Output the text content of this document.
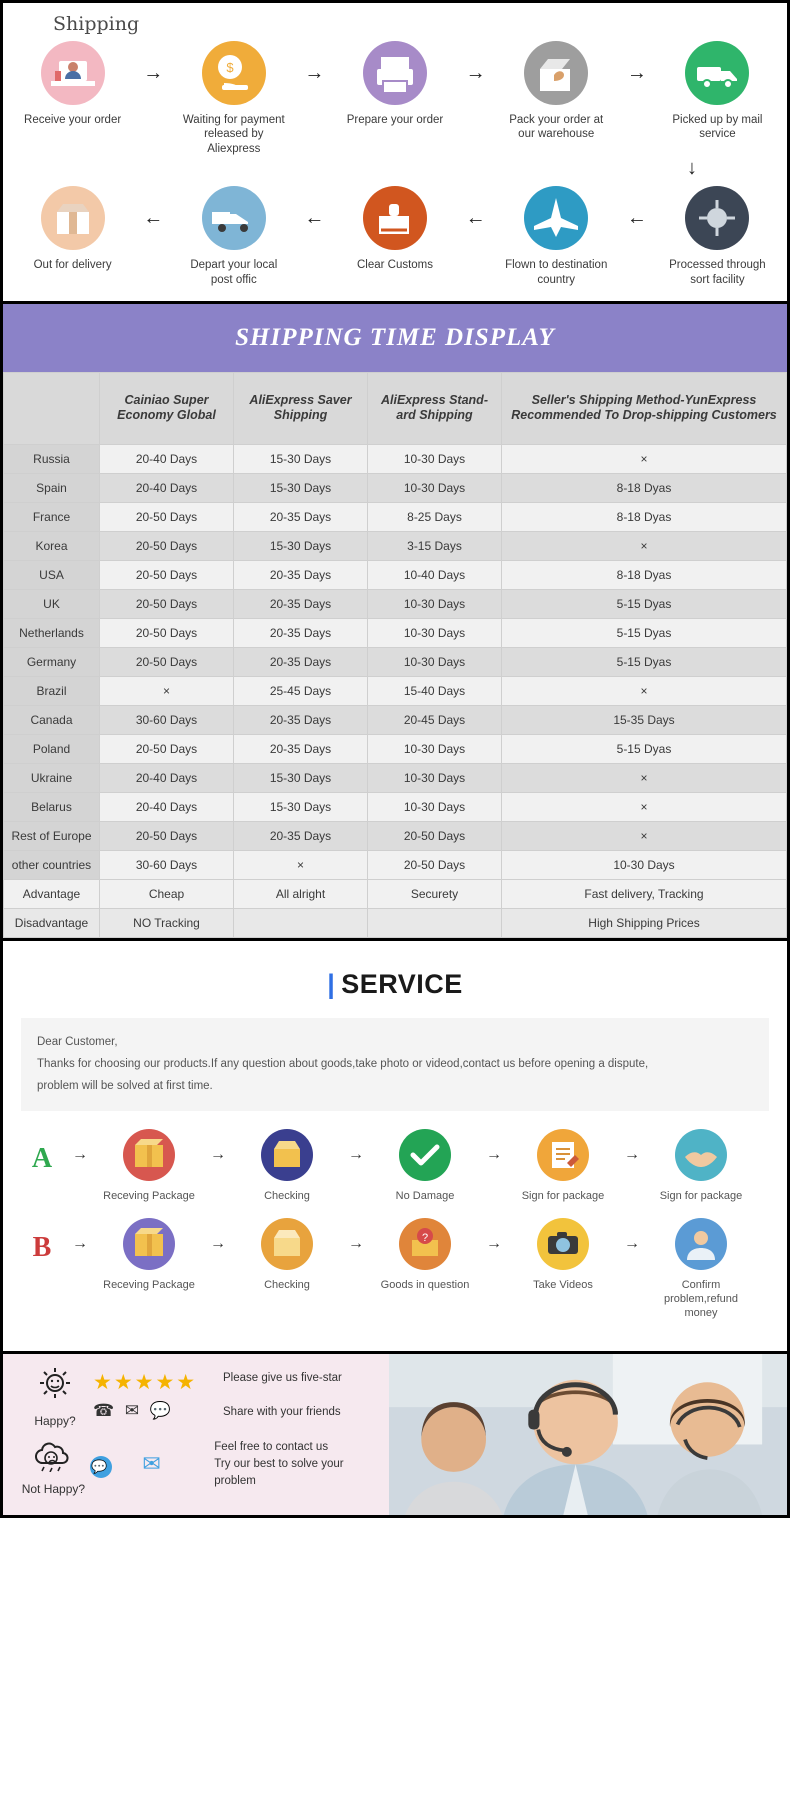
Shipping
Receive your order
→	$
Waiting for payment released by Aliexpress
→
Prepare your order
→
Pack your order at our warehouse
→
Picked up by mail service
↓
Out for delivery
←
Depart your local post offic
←
Clear Customs
←
Flown to destination country
←
Processed through sort facility
SHIPPING TIME DISPLAY
	Cainiao Super Economy Global	AliExpress Saver Shipping	AliExpress Stand-ard Shipping	Seller's Shipping Method-YunExpress Recommended To Drop-shipping Customers
Russia	20-40 Days	15-30 Days	10-30 Days	×
Spain	20-40 Days	15-30 Days	10-30 Days	8-18 Dyas
France	20-50 Days	20-35 Days	8-25 Days	8-18 Dyas
Korea	20-50 Days	15-30 Days	3-15 Days	×
USA	20-50 Days	20-35 Days	10-40 Days	8-18 Dyas
UK	20-50 Days	20-35 Days	10-30 Days	5-15 Dyas
Netherlands	20-50 Days	20-35 Days	10-30 Days	5-15 Dyas
Germany	20-50 Days	20-35 Days	10-30 Days	5-15 Dyas
Brazil	×	25-45 Days	15-40 Days	×
Canada	30-60 Days	20-35 Days	20-45 Days	15-35 Days
Poland	20-50 Days	20-35 Days	10-30 Days	5-15 Dyas
Ukraine	20-40 Days	15-30 Days	10-30 Days	×
Belarus	20-40 Days	15-30 Days	10-30 Days	×
Rest of Europe	20-50 Days	20-35 Days	20-50 Days	×
other countries	30-60 Days	×	20-50 Days	10-30 Days
Advantage	Cheap	All alright	Securety	Fast delivery, Tracking
Disadvantage	NO Tracking			High Shipping Prices
| SERVICE
Dear Customer,
Thanks for choosing our products.If any question about goods,take photo or videod,contact us before opening a dispute,
problem will be solved at first time.
A	→
Receving Package
→
Checking
→
No Damage
→
Sign for package
→
Sign for package
B	→
Receving Package
→
Checking
→	?
Goods in question
→
Take Videos
→
Confirm problem,refund money
Happy?
★★★★★
☎ ✉ 💬
Please give us five-star
Share with your friends
Not Happy?
💬 ✉
Feel free to contact us
Try our best to solve your problem
